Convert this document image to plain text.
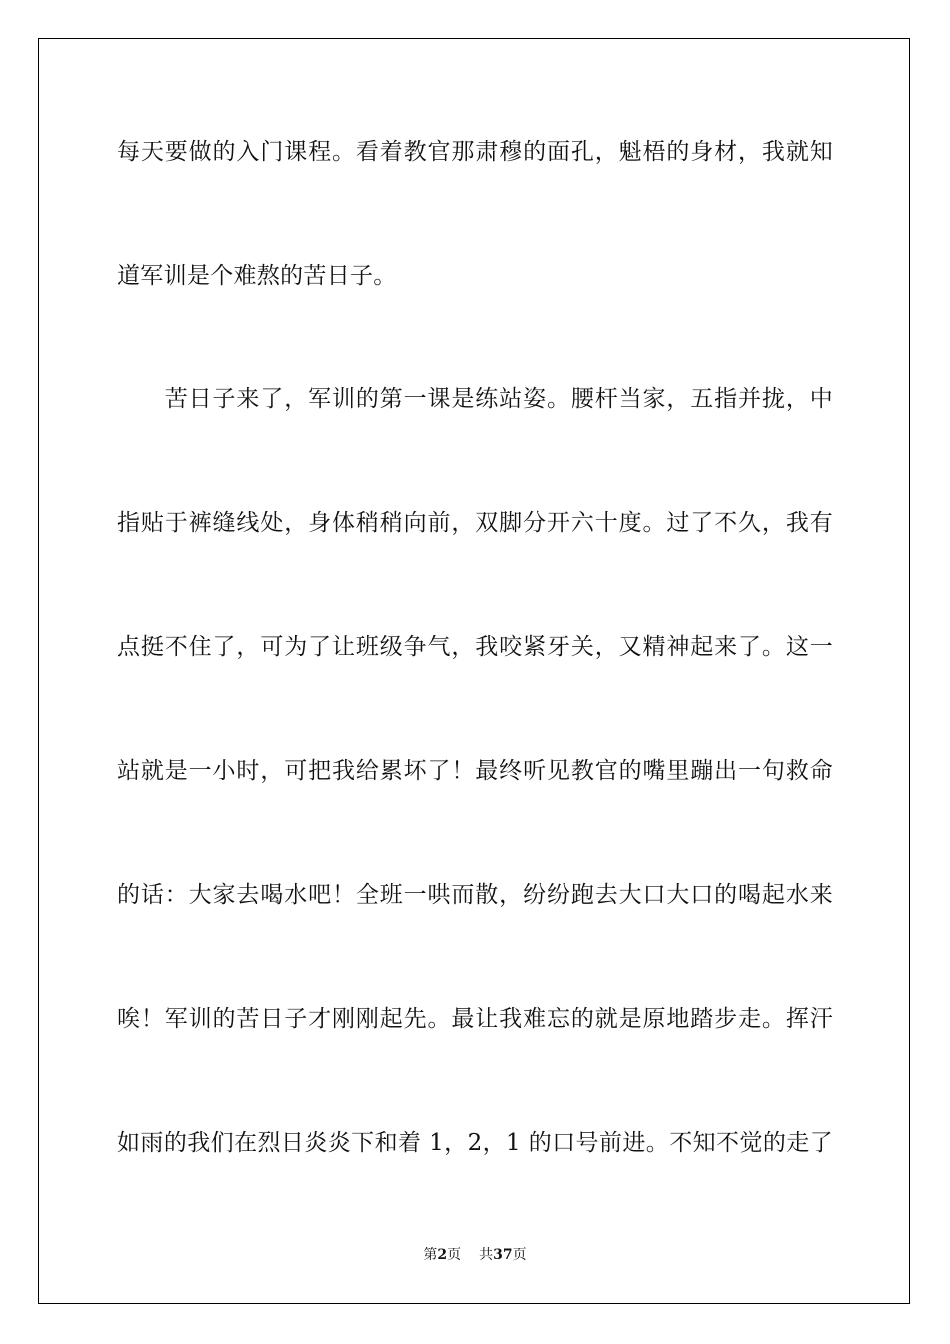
每天要做的入门课程。看着教官那肃穆的面孔，魁梧的身材，我就知
道军训是个难熬的苦日子。
　　苦日子来了，军训的第一课是练站姿。腰杆当家，五指并拢，中
指贴于裤缝线处，身体稍稍向前，双脚分开六十度。过了不久，我有
点挺不住了，可为了让班级争气，我咬紧牙关，又精神起来了。这一
站就是一小时，可把我给累坏了！最终听见教官的嘴里蹦出一句救命
的话：大家去喝水吧！全班一哄而散，纷纷跑去大口大口的喝起水来
唉！军训的苦日子才刚刚起先。最让我难忘的就是原地踏步走。挥汗
如雨的我们在烈日炎炎下和着 1，2，1 的口号前进。不知不觉的走了
第2页 共37页
